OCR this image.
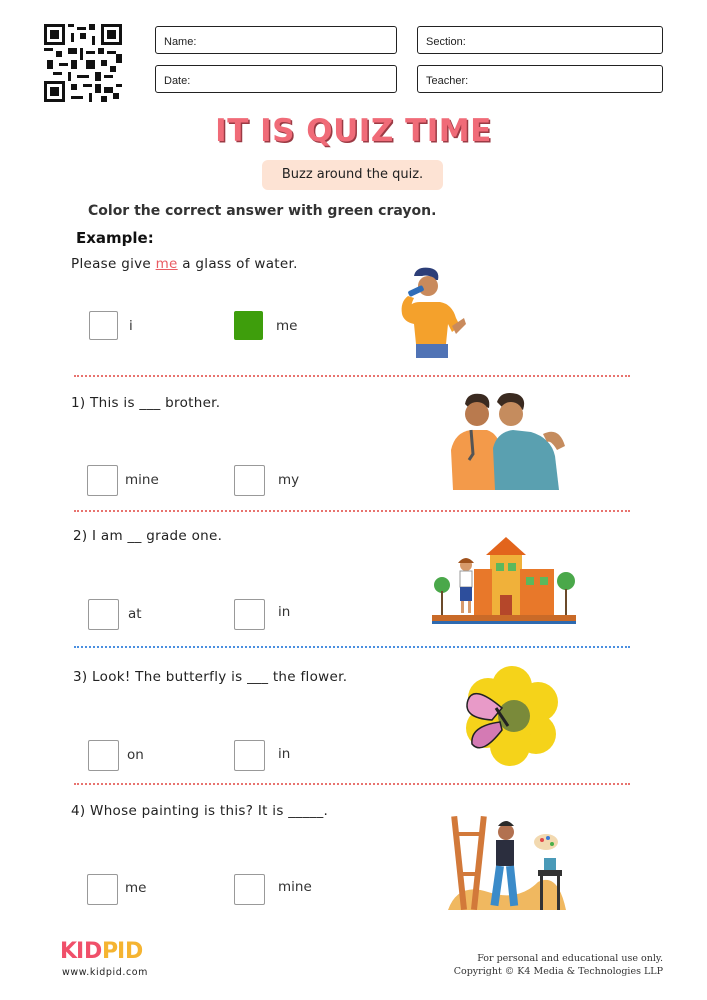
Name:	Section:
Date:	Teacher:
IT IS QUIZ TIME
Buzz around the quiz.
Color the correct answer with green crayon.
Example:
Please give me a glass of water.
i	me
1) This is ___ brother.
mine	my
2) I am __ grade one.
at	in
3) Look! The butterfly is ___ the flower.
on	in
4) Whose painting is this? It is _____.
me	mine
K
I D P
I D
www.kidpid.com
For personal and educational use only.
Copyright © K4 Media & Technologies LLP
